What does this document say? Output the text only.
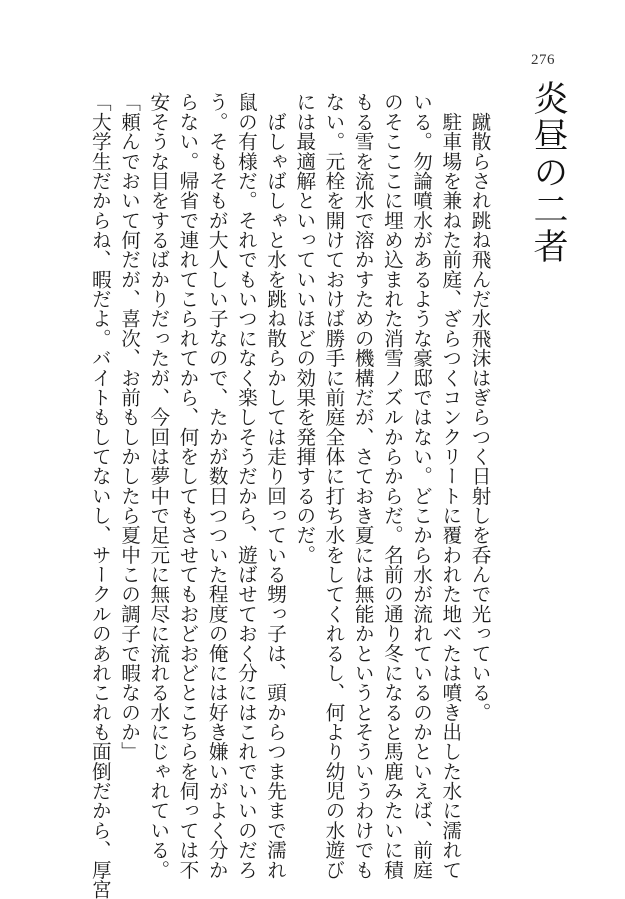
276
炎昼の二者

　蹴散らされ跳ね飛んだ水飛沫はぎらつく日射しを呑んで光っている。

　駐車場を兼ねた前庭、ざらつくコンクリートに覆われた地べたは噴き出した水に濡れて

いる。勿論噴水があるような豪邸ではない。どこから水が流れているのかといえば、前庭

のそこここに埋め込まれた消雪ノズルからからだ。名前の通り冬になると馬鹿みたいに積

もる雪を流水で溶かすための機構だが、さておき夏には無能かというとそういうわけでも

ない。元栓を開けておけば勝手に前庭全体に打ち水をしてくれるし、何より幼児の水遊び

には最適解といっていいほどの効果を発揮するのだ。

　ばしゃばしゃと水を跳ね散らかしては走り回っている甥っ子は、頭からつま先まで濡れ

鼠の有様だ。それでもいつになく楽しそうだから、遊ばせておく分にはこれでいいのだろ

う。そもそもが大人しい子なので、たかが数日つついた程度の俺には好き嫌いがよく分か

らない。帰省で連れてこられてから、何をしてもさせてもおどおどとこちらを伺っては不

安そうな目をするばかりだったが、今回は夢中で足元に無尽に流れる水にじゃれている。

「頼んでおいて何だが、喜次、お前もしかしたら夏中この調子で暇なのか」

「大学生だからね、暇だよ。バイトもしてないし、サークルのあれこれも面倒だから、厚宮
